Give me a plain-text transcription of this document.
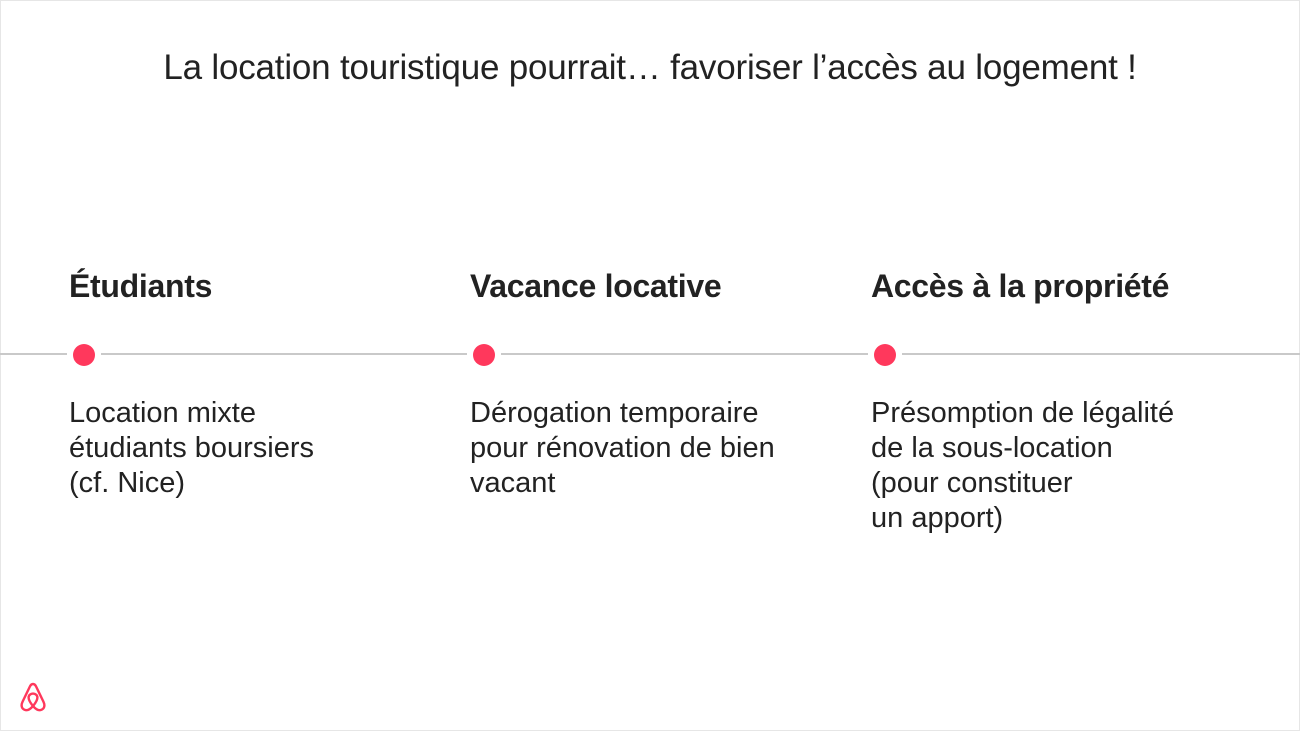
La location touristique pourrait… favoriser l’accès au logement !
Étudiants

Location mixte
étudiants boursiers
(cf. Nice)

Vacance locative

Dérogation temporaire
pour rénovation de bien
vacant

Accès à la propriété

Présomption de légalité
de la sous-location
(pour constituer
un apport)
